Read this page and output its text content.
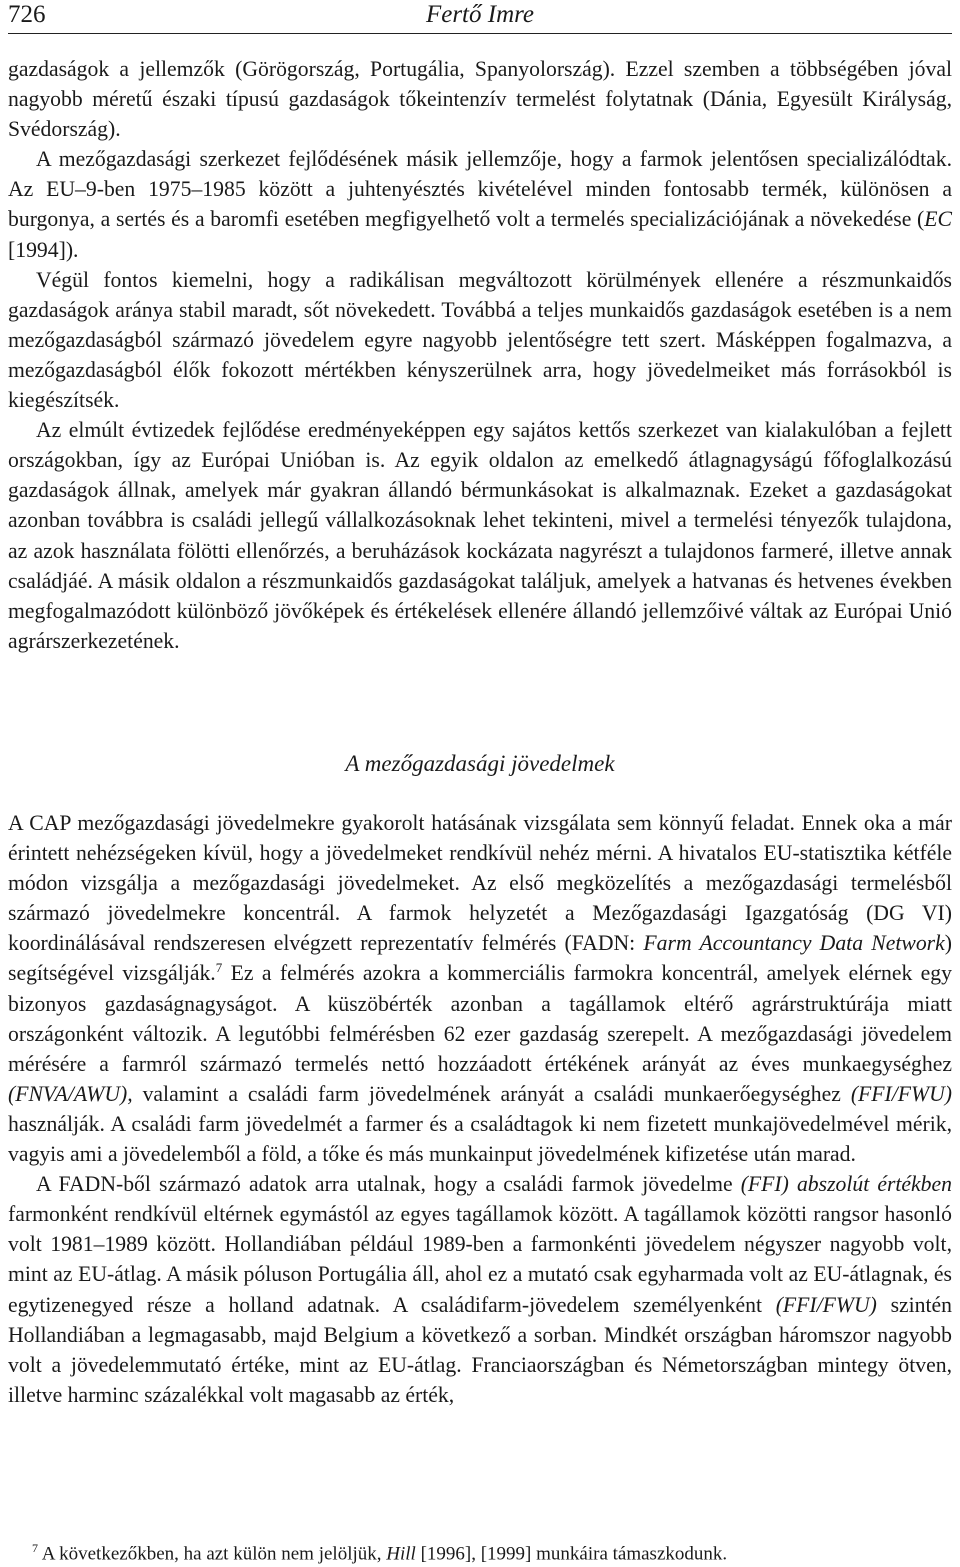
726	Fertő Imre

gazdaságok a jellemzők (Görögország, Portugália, Spanyolország). Ezzel szemben a többségében jóval nagyobb méretű északi típusú gazdaságok tőkeintenzív termelést folytatnak (Dánia, Egyesült Királyság, Svédország).

A mezőgazdasági szerkezet fejlődésének másik jellemzője, hogy a farmok jelentősen specializálódtak. Az EU–9-ben 1975–1985 között a juhtenyésztés kivételével minden fontosabb termék, különösen a burgonya, a sertés és a baromfi esetében megfigyelhető volt a termelés specializációjának a növekedése (EC [1994]).

Végül fontos kiemelni, hogy a radikálisan megváltozott körülmények ellenére a részmunkaidős gazdaságok aránya stabil maradt, sőt növekedett. Továbbá a teljes munkaidős gazdaságok esetében is a nem mezőgazdaságból származó jövedelem egyre nagyobb jelentőségre tett szert. Másképpen fogalmazva, a mezőgazdaságból élők fokozott mértékben kényszerülnek arra, hogy jövedelmeiket más forrásokból is kiegészítsék.

Az elmúlt évtizedek fejlődése eredményeképpen egy sajátos kettős szerkezet van kialakulóban a fejlett országokban, így az Európai Unióban is. Az egyik oldalon az emelkedő átlagnagyságú főfoglalkozású gazdaságok állnak, amelyek már gyakran állandó bérmunkásokat is alkalmaznak. Ezeket a gazdaságokat azonban továbbra is családi jellegű vállalkozásoknak lehet tekinteni, mivel a termelési tényezők tulajdona, az azok használata fölötti ellenőrzés, a beruházások kockázata nagyrészt a tulajdonos farmeré, illetve annak családjáé. A másik oldalon a részmunkaidős gazdaságokat találjuk, amelyek a hatvanas és hetvenes években megfogalmazódott különböző jövőképek és értékelések ellenére állandó jellemzőivé váltak az Európai Unió agrárszerkezetének.

A mezőgazdasági jövedelmek

A CAP mezőgazdasági jövedelmekre gyakorolt hatásának vizsgálata sem könnyű feladat. Ennek oka a már érintett nehézségeken kívül, hogy a jövedelmeket rendkívül nehéz mérni. A hivatalos EU-statisztika kétféle módon vizsgálja a mezőgazdasági jövedelmeket. Az első megközelítés a mezőgazdasági termelésből származó jövedelmekre koncentrál. A farmok helyzetét a Mezőgazdasági Igazgatóság (DG VI) koordinálásával rendszeresen elvégzett reprezentatív felmérés (FADN: Farm Accountancy Data Network) segítségével vizsgálják.$^7$ Ez a felmérés azokra a kommerciális farmokra koncentrál, amelyek elérnek egy bizonyos gazdaságnagyságot. A küszöbérték azonban a tagállamok eltérő agrárstruktúrája miatt országonként változik. A legutóbbi felmérésben 62 ezer gazdaság szerepelt. A mezőgazdasági jövedelem mérésére a farmról származó termelés nettó hozzáadott értékének arányát az éves munkaegységhez (FNVA/AWU), valamint a családi farm jövedelmének arányát a családi munkaerőegységhez (FFI/FWU) használják. A családi farm jövedelmét a farmer és a családtagok ki nem fizetett munkajövedelmével mérik, vagyis ami a jövedelemből a föld, a tőke és más munkainput jövedelmének kifizetése után marad.

A FADN-ből származó adatok arra utalnak, hogy a családi farmok jövedelme (FFI) abszolút értékben farmonként rendkívül eltérnek egymástól az egyes tagállamok között. A tagállamok közötti rangsor hasonló volt 1981–1989 között. Hollandiában például 1989-ben a farmonkénti jövedelem négyszer nagyobb volt, mint az EU-átlag. A másik póluson Portugália áll, ahol ez a mutató csak egyharmada volt az EU-átlagnak, és egytizenegyed része a holland adatnak. A családifarm-jövedelem személyenként (FFI/FWU) szintén Hollandiában a legmagasabb, majd Belgium a következő a sorban. Mindkét országban háromszor nagyobb volt a jövedelemmutató értéke, mint az EU-átlag. Franciaországban és Németországban mintegy ötven, illetve harminc százalékkal volt magasabb az érték,

$^7$ A következőkben, ha azt külön nem jelöljük, Hill [1996], [1999] munkáira támaszkodunk.
